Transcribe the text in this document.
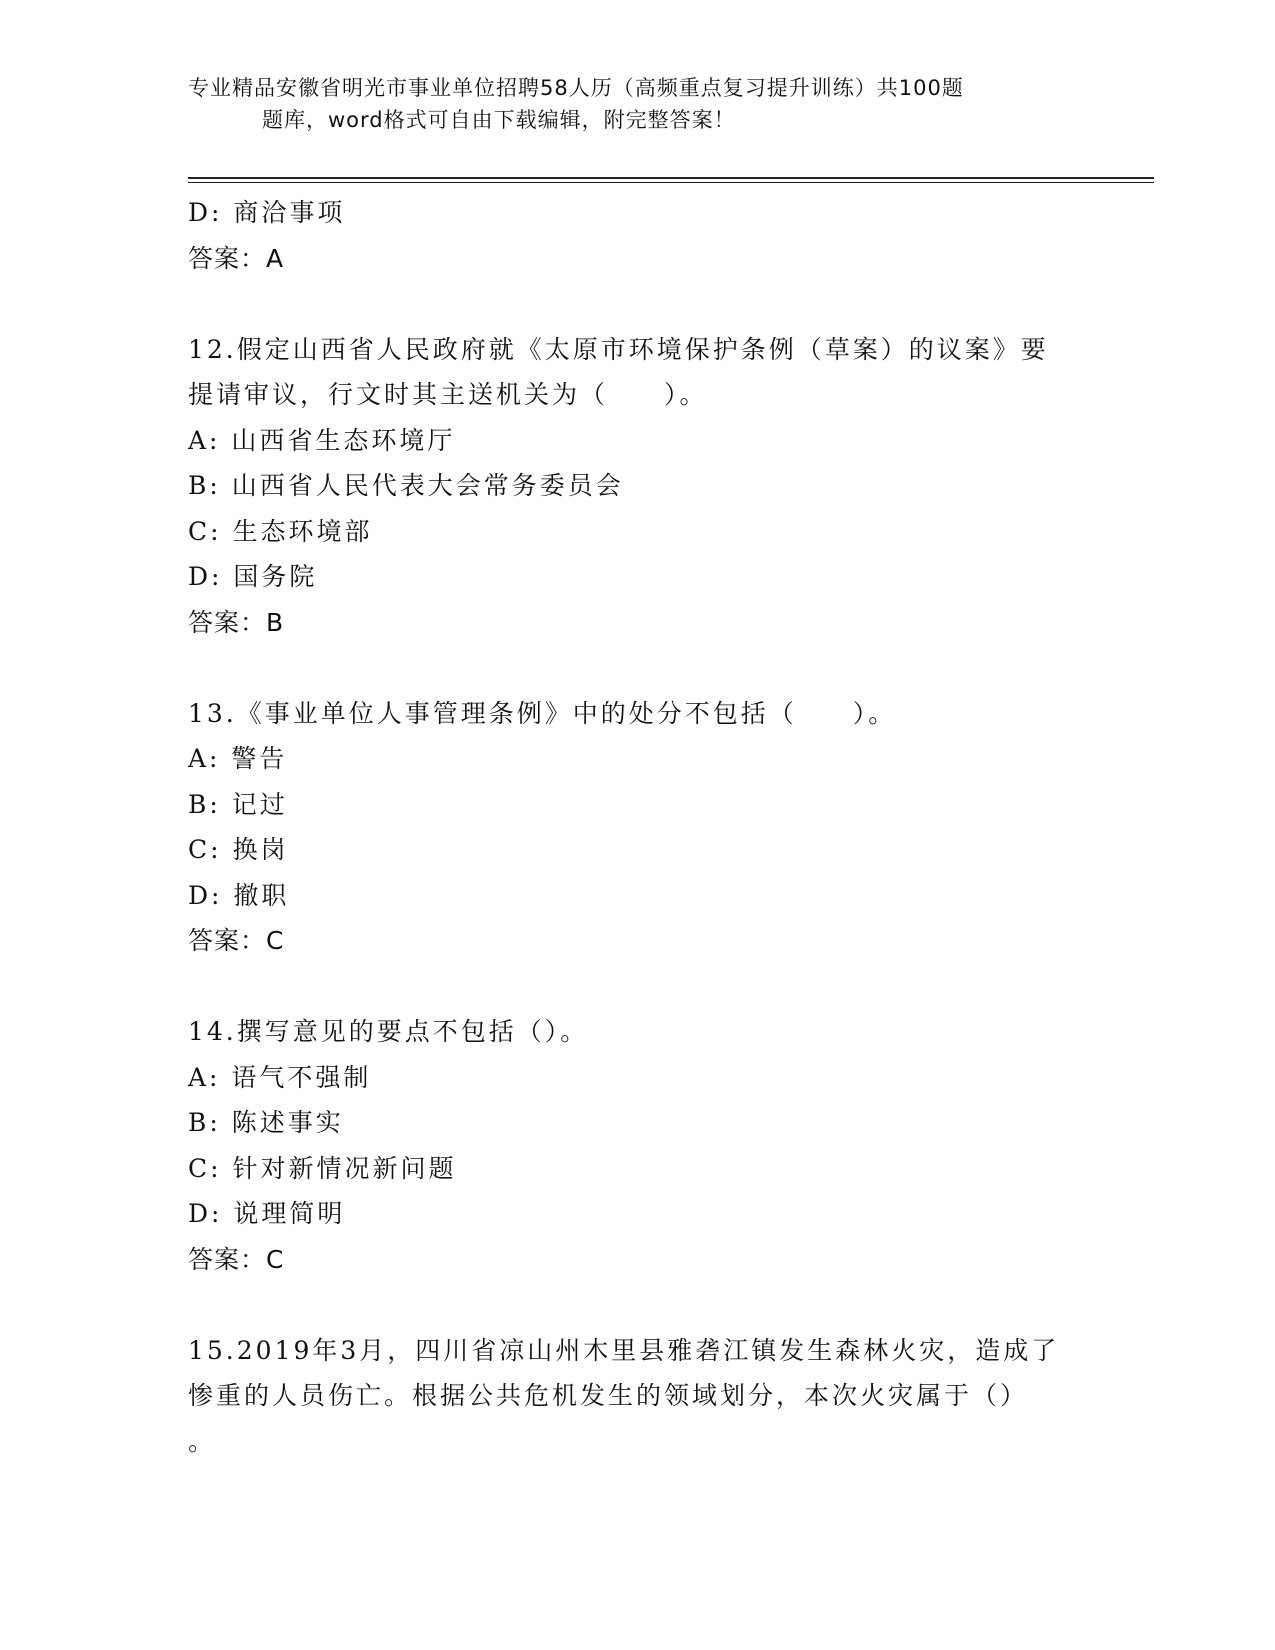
专业精品安徽省明光市事业单位招聘58人历（高频重点复习提升训练）共100题
题库，word格式可自由下载编辑，附完整答案！
D: 商洽事项
答案：A
12.假定山西省人民政府就《太原市环境保护条例（草案）的议案》要
提请审议，行文时其主送机关为（　　）。
A: 山西省生态环境厅
B: 山西省人民代表大会常务委员会
C: 生态环境部
D: 国务院
答案：B
13.《事业单位人事管理条例》中的处分不包括（　　）。
A: 警告
B: 记过
C: 换岗
D: 撤职
答案：C
14.撰写意见的要点不包括（）。
A: 语气不强制
B: 陈述事实
C: 针对新情况新问题
D: 说理简明
答案：C
15.2019年3月，四川省凉山州木里县雅砻江镇发生森林火灾，造成了
惨重的人员伤亡。根据公共危机发生的领域划分，本次火灾属于（）
。
